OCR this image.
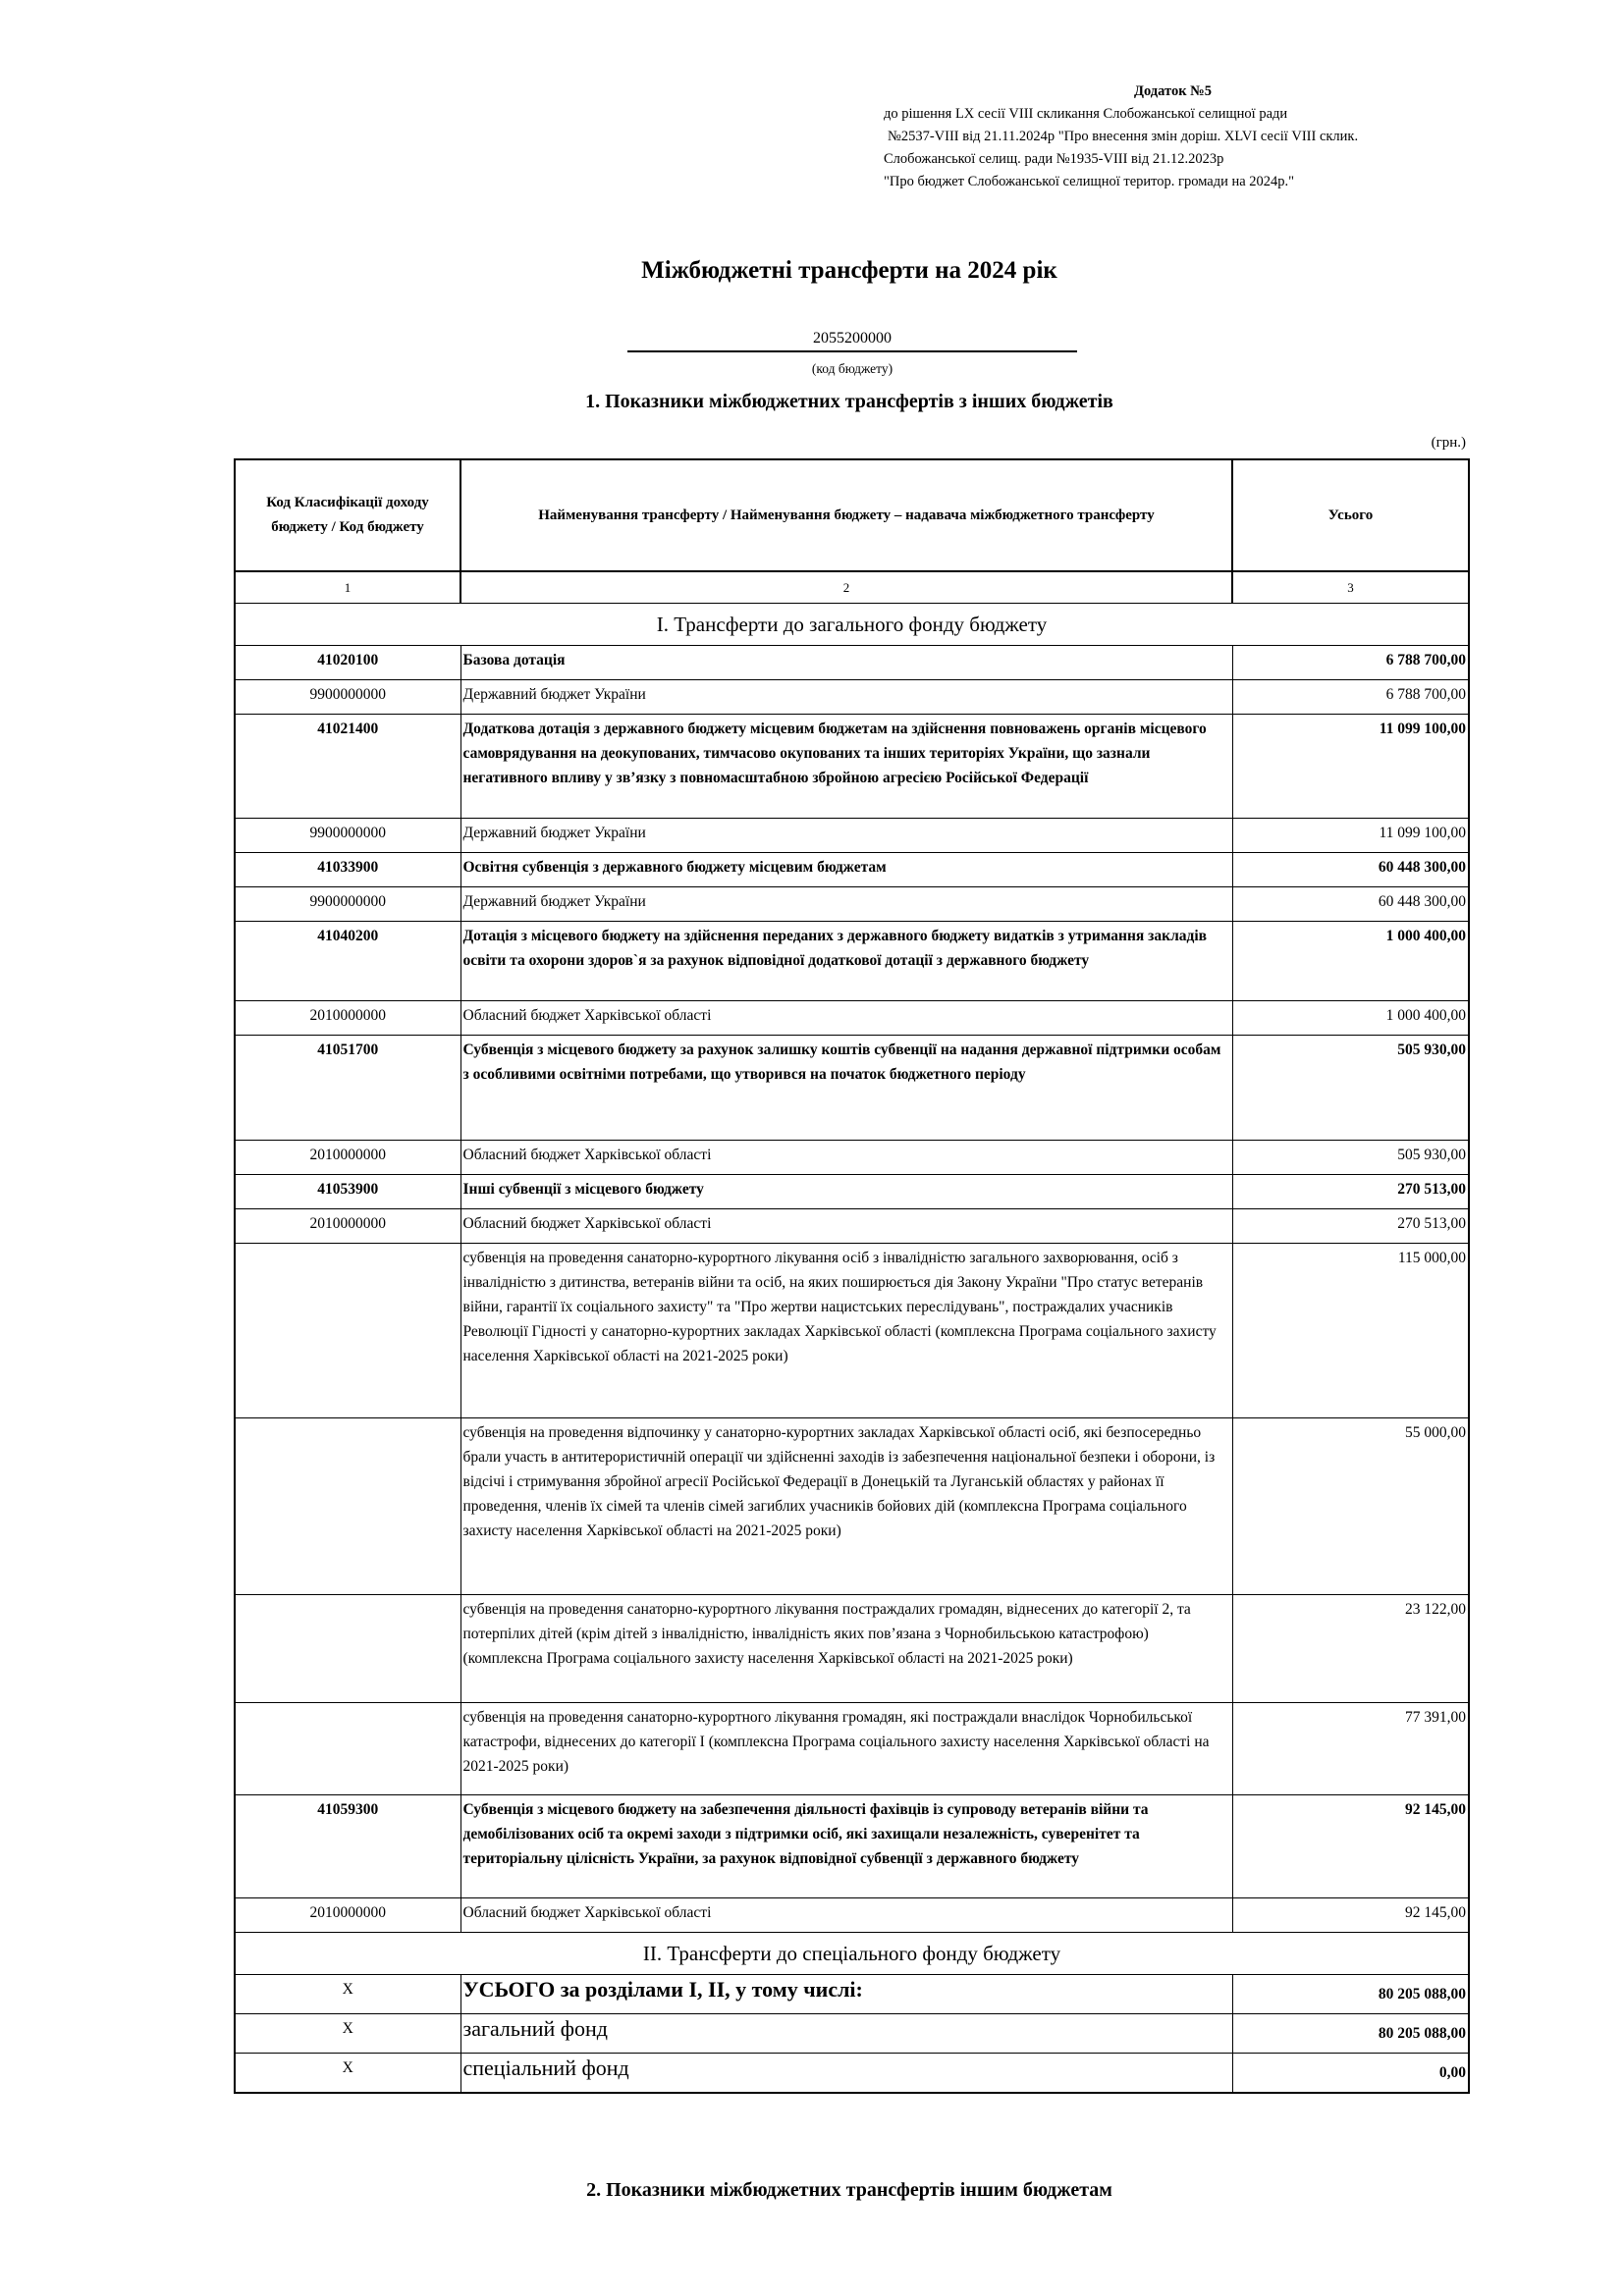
Додаток №5
до рішення LX сесії VIII скликання Слобожанської селищної ради
№2537-VIII від 21.11.2024р "Про внесення змін доріш. XLVI сесії VIII склик.
Слобожанської селищ. ради №1935-VIII від 21.12.2023р
"Про бюджет Слобожанської селищної територ. громади на 2024р."
Міжбюджетні трансферти на 2024 рік
2055200000
(код бюджету)
1. Показники міжбюджетних трансфертів з інших бюджетів
(грн.)
Код Класифікації доходу бюджету / Код бюджету	Найменування трансферту / Найменування бюджету – надавача міжбюджетного трансферту	Усього
1	2	3
І. Трансферти до загального фонду бюджету		
41020100	Базова дотація	6 788 700,00
9900000000	Державний бюджет України	6 788 700,00
41021400	Додаткова дотація з державного бюджету місцевим бюджетам на здійснення повноважень органів місцевого самоврядування на деокупованих, тимчасово окупованих та інших територіях України, що зазнали негативного впливу у зв’язку з повномасштабною збройною агресією Російської Федерації	11 099 100,00
9900000000	Державний бюджет України	11 099 100,00
41033900	Освітня субвенція з державного бюджету місцевим бюджетам	60 448 300,00
9900000000	Державний бюджет України	60 448 300,00
41040200	Дотація з місцевого бюджету на здійснення переданих з державного бюджету видатків з утримання закладів освіти та охорони здоров`я за рахунок відповідної додаткової дотації з державного бюджету	1 000 400,00
2010000000	Обласний бюджет Харківської області	1 000 400,00
41051700	Субвенція з місцевого бюджету за рахунок залишку коштів субвенції на надання державної підтримки особам з особливими освітніми потребами, що утворився на початок бюджетного періоду	505 930,00
2010000000	Обласний бюджет Харківської області	505 930,00
41053900	Інші субвенції з місцевого бюджету	270 513,00
2010000000	Обласний бюджет Харківської області	270 513,00
	субвенція на проведення санаторно-курортного лікування осіб з інвалідністю загального захворювання, осіб з інвалідністю з дитинства, ветеранів війни та осіб, на яких поширюється дія Закону України "Про статус ветеранів війни, гарантії їх соціального захисту" та "Про жертви нацистських переслідувань", постраждалих учасників Революції Гідності у санаторно-курортних закладах Харківської області (комплексна Програма соціального захисту населення Харківської області на 2021-2025 роки)	115 000,00
	субвенція на проведення відпочинку у санаторно-курортних закладах Харківської області осіб, які безпосередньо брали участь в антитерористичній операції чи здійсненні заходів із забезпечення національної безпеки і оборони, із відсічі і стримування збройної агресії Російської Федерації в Донецькій та Луганській областях у районах її проведення, членів їх сімей та членів сімей загиблих учасників бойових дій (комплексна Програма соціального захисту населення Харківської області на 2021-2025 роки)	55 000,00
	субвенція на проведення санаторно-курортного лікування постраждалих громадян, віднесених до категорії 2, та потерпілих дітей (крім дітей з інвалідністю, інвалідність яких пов’язана з Чорнобильською катастрофою) (комплексна Програма соціального захисту населення Харківської області на 2021-2025 роки)	23 122,00
	субвенція на проведення санаторно-курортного лікування громадян, які постраждали внаслідок Чорнобильської катастрофи, віднесених до категорії І (комплексна Програма соціального захисту населення Харківської області на 2021-2025 роки)	77 391,00
41059300	Субвенція з місцевого бюджету на забезпечення діяльності фахівців із супроводу ветеранів війни та демобілізованих осіб та окремі заходи з підтримки осіб, які захищали незалежність, суверенітет та територіальну цілісність України, за рахунок відповідної субвенції з державного бюджету	92 145,00
2010000000	Обласний бюджет Харківської області	92 145,00
ІІ. Трансферти до спеціального фонду бюджету		
Х	УСЬОГО за розділами І, ІІ, у тому числі:	80 205 088,00
Х	загальний фонд	80 205 088,00
Х	спеціальний фонд	0,00
2. Показники міжбюджетних трансфертів іншим бюджетам
